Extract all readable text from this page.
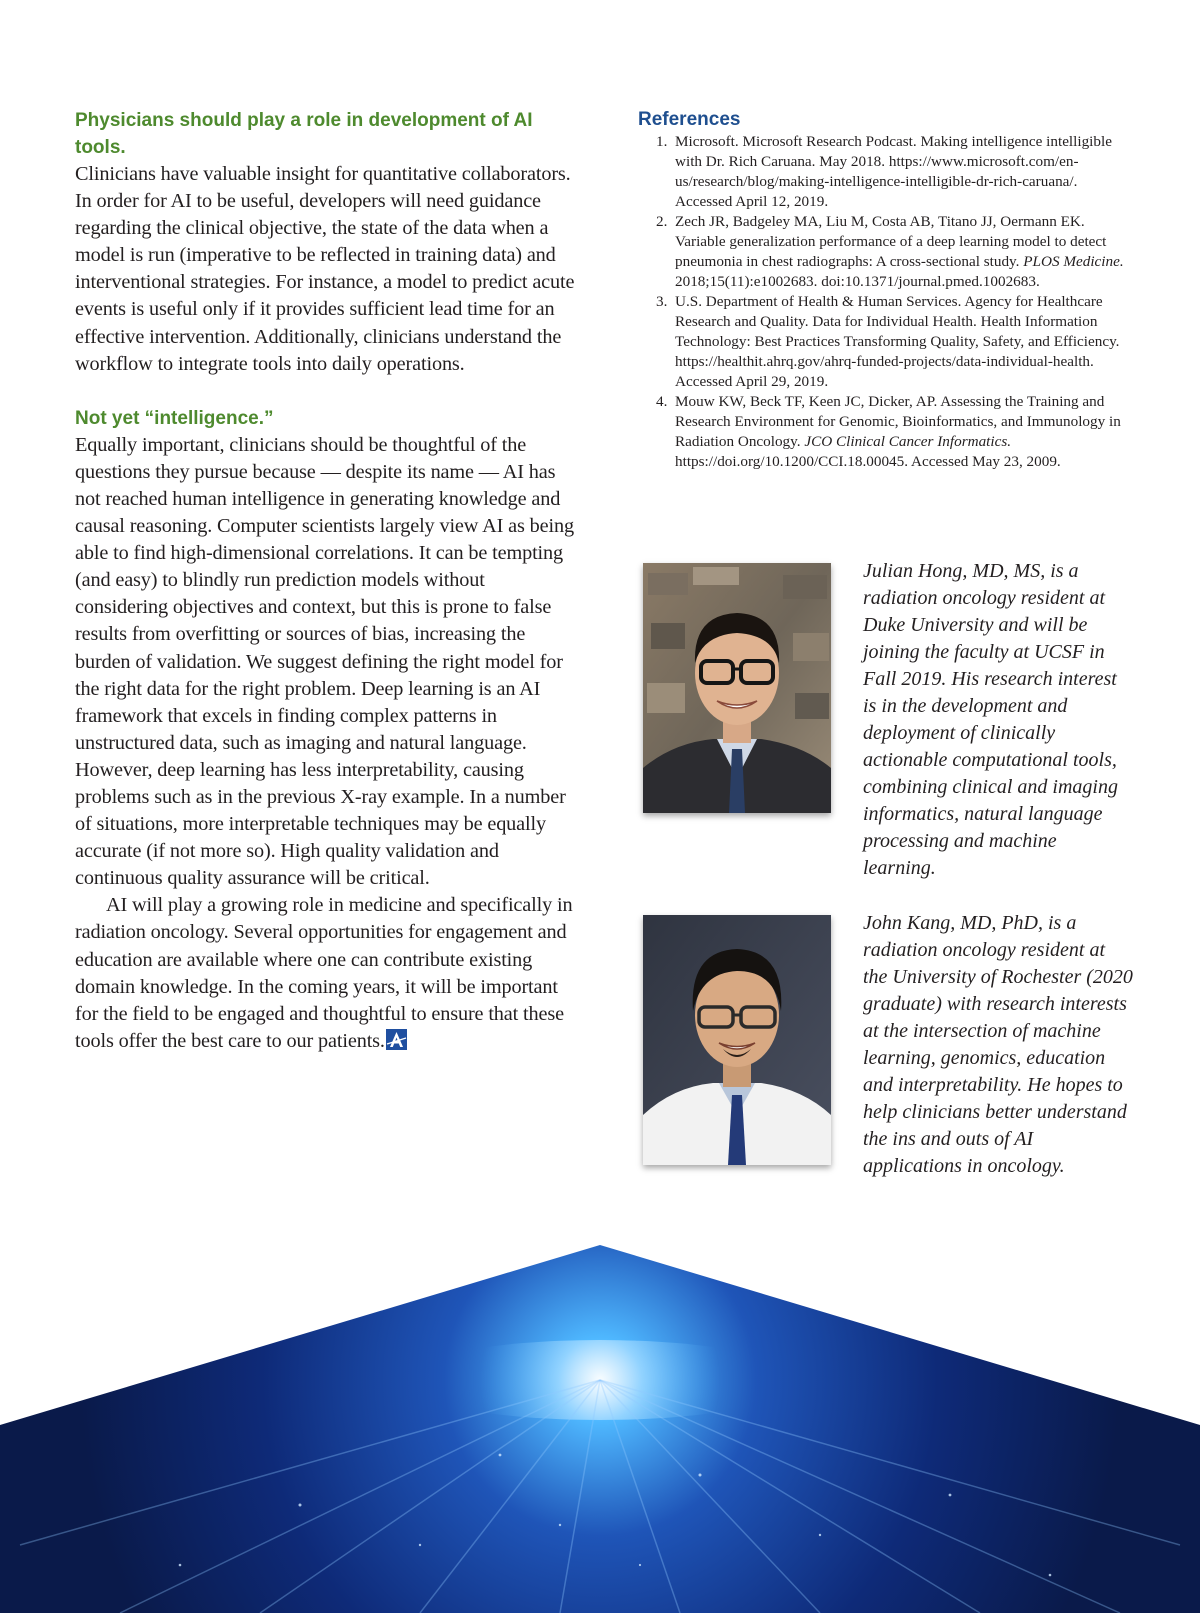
Physicians should play a role in development of AI tools.

Clinicians have valuable insight for quantitative collaborators. In order for AI to be useful, developers will need guidance regarding the clinical objective, the state of the data when a model is run (imperative to be reflected in training data) and interventional strategies. For instance, a model to predict acute events is useful only if it provides sufficient lead time for an effective intervention. Additionally, clinicians understand the workflow to integrate tools into daily operations.

Not yet “intelligence.”

Equally important, clinicians should be thoughtful of the questions they pursue because — despite its name — AI has not reached human intelligence in generating knowledge and causal reasoning. Computer scientists largely view AI as being able to find high-dimensional correlations. It can be tempting (and easy) to blindly run prediction models without considering objectives and context, but this is prone to false results from overfitting or sources of bias, increasing the burden of validation. We suggest defining the right model for the right data for the right problem. Deep learning is an AI framework that excels in finding complex patterns in unstructured data, such as imaging and natural language. However, deep learning has less interpretability, causing problems such as in the previous X-ray example. In a number of situations, more interpretable techniques may be equally accurate (if not more so). High quality validation and continuous quality assurance will be critical.

AI will play a growing role in medicine and specifically in radiation oncology. Several opportunities for engagement and education are available where one can contribute existing domain knowledge. In the coming years, it will be important for the field to be engaged and thoughtful to ensure that these tools offer the best care to our patients.

References
1. Microsoft. Microsoft Research Podcast. Making intelligence intelligible with Dr. Rich Caruana. May 2018. https://www.microsoft.com/en-us/research/blog/making-intelligence-intelligible-dr-rich-caruana/. Accessed April 12, 2019.
2. Zech JR, Badgeley MA, Liu M, Costa AB, Titano JJ, Oermann EK. Variable generalization performance of a deep learning model to detect pneumonia in chest radiographs: A cross-sectional study. PLOS Medicine. 2018;15(11):e1002683. doi:10.1371/journal.pmed.1002683.
3. U.S. Department of Health & Human Services. Agency for Healthcare Research and Quality. Data for Individual Health. Health Information Technology: Best Practices Transforming Quality, Safety, and Efficiency. https://healthit.ahrq.gov/ahrq-funded-projects/data-individual-health. Accessed April 29, 2019.
4. Mouw KW, Beck TF, Keen JC, Dicker, AP. Assessing the Training and Research Environment for Genomic, Bioinformatics, and Immunology in Radiation Oncology. JCO Clinical Cancer Informatics. https://doi.org/10.1200/CCI.18.00045. Accessed May 23, 2009.

Julian Hong, MD, MS, is a radiation oncology resident at Duke University and will be joining the faculty at UCSF in Fall 2019. His research interest is in the development and deployment of clinically actionable computational tools, combining clinical and imaging informatics, natural language processing and machine learning.

John Kang, MD, PhD, is a radiation oncology resident at the University of Rochester (2020 graduate) with research interests at the intersection of machine learning, genomics, education and interpretability. He hopes to help clinicians better understand the ins and outs of AI applications in oncology.
